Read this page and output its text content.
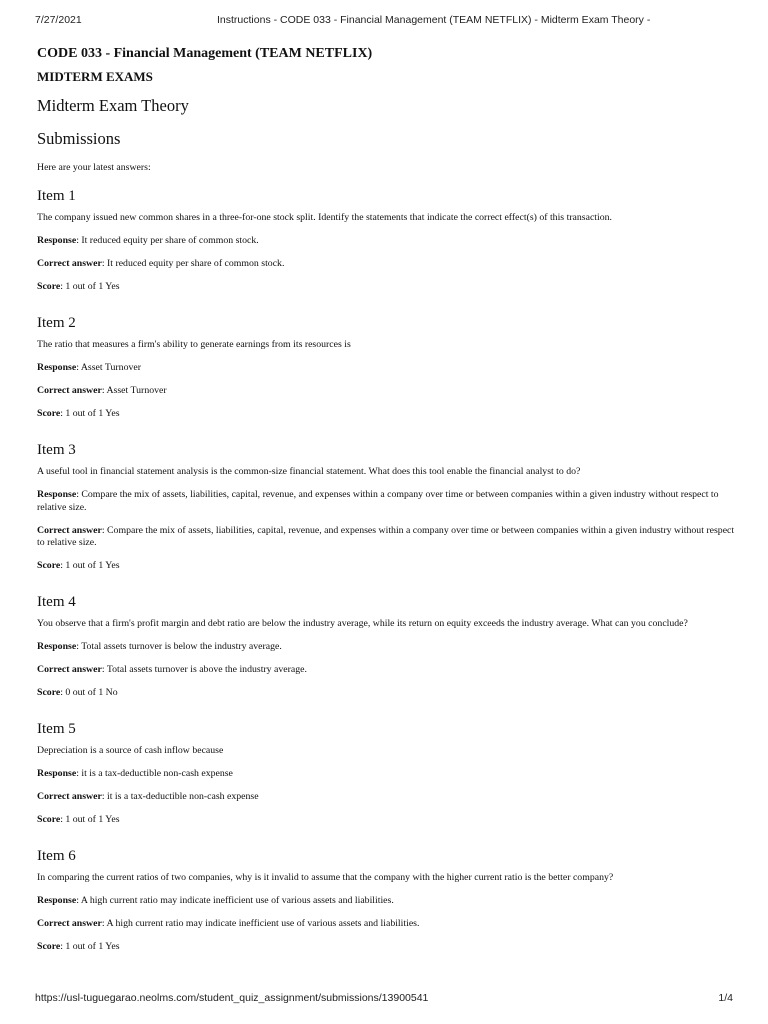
7/27/2021	Instructions - CODE 033 - Financial Management (TEAM NETFLIX) - Midterm Exam Theory -
CODE 033 - Financial Management (TEAM NETFLIX)
MIDTERM EXAMS
Midterm Exam Theory
Submissions
Here are your latest answers:
Item 1

The company issued new common shares in a three-for-one stock split. Identify the statements that indicate the correct effect(s) of this transaction.

Response: It reduced equity per share of common stock.

Correct answer: It reduced equity per share of common stock.

Score: 1 out of 1 Yes

Item 2

The ratio that measures a firm's ability to generate earnings from its resources is

Response: Asset Turnover

Correct answer: Asset Turnover

Score: 1 out of 1 Yes

Item 3

A useful tool in financial statement analysis is the common-size financial statement. What does this tool enable the financial analyst to do?

Response: Compare the mix of assets, liabilities, capital, revenue, and expenses within a company over time or between companies within a given industry without respect to relative size.

Correct answer: Compare the mix of assets, liabilities, capital, revenue, and expenses within a company over time or between companies within a given industry without respect to relative size.

Score: 1 out of 1 Yes

Item 4

You observe that a firm's profit margin and debt ratio are below the industry average, while its return on equity exceeds the industry average. What can you conclude?

Response: Total assets turnover is below the industry average.

Correct answer: Total assets turnover is above the industry average.

Score: 0 out of 1 No

Item 5

Depreciation is a source of cash inflow because

Response: it is a tax-deductible non-cash expense

Correct answer: it is a tax-deductible non-cash expense

Score: 1 out of 1 Yes

Item 6

In comparing the current ratios of two companies, why is it invalid to assume that the company with the higher current ratio is the better company?

Response: A high current ratio may indicate inefficient use of various assets and liabilities.

Correct answer: A high current ratio may indicate inefficient use of various assets and liabilities.

Score: 1 out of 1 Yes

https://usl-tuguegarao.neolms.com/student_quiz_assignment/submissions/13900541	1/4
